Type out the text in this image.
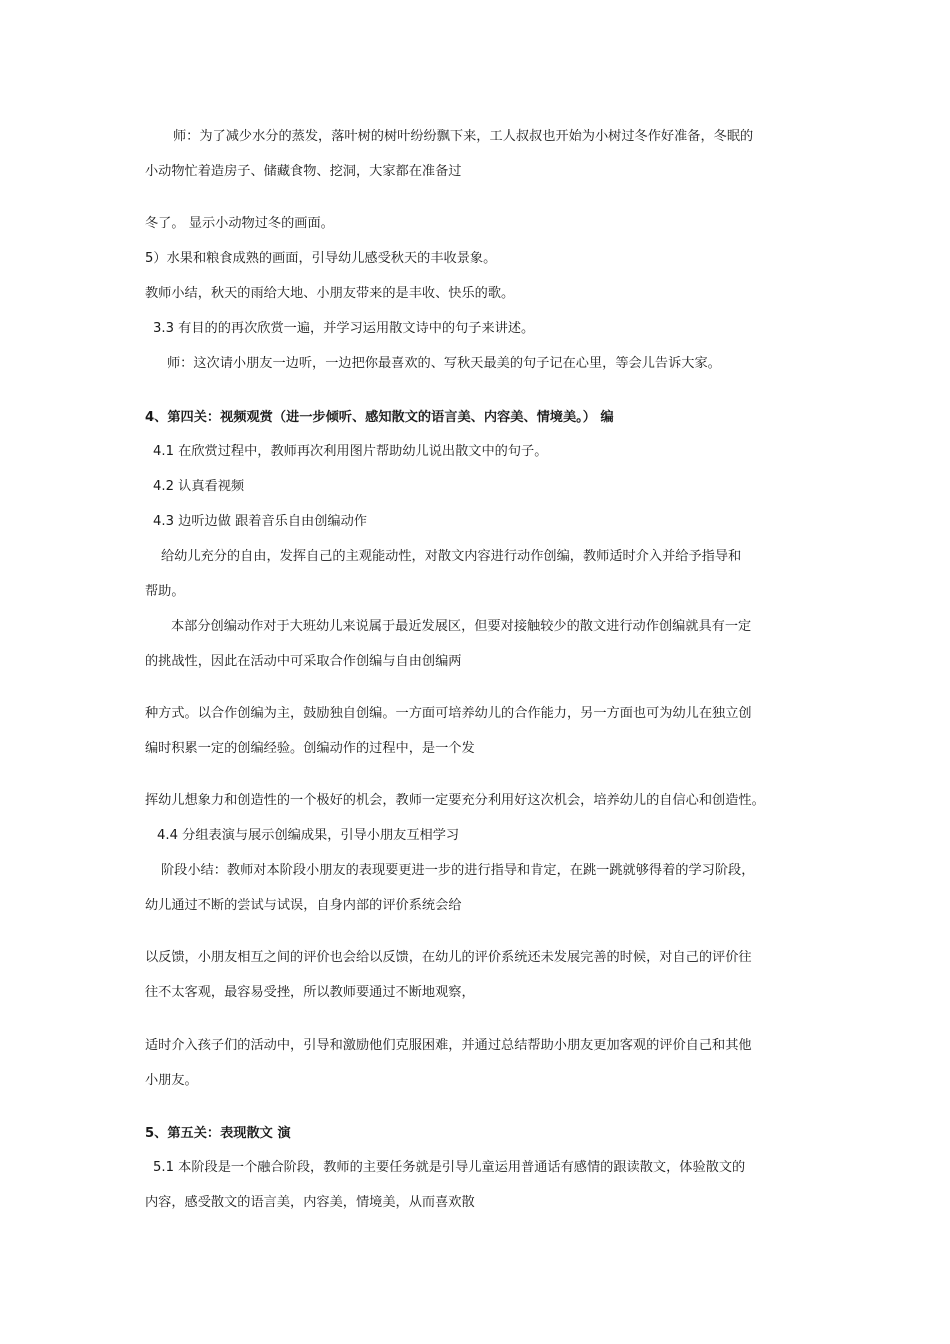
师：为了减少水分的蒸发，落叶树的树叶纷纷飘下来，工人叔叔也开始为小树过冬作好准备，冬眠的
小动物忙着造房子、储藏食物、挖洞，大家都在准备过
冬了。 显示小动物过冬的画面。
5）水果和粮食成熟的画面，引导幼儿感受秋天的丰收景象。
教师小结，秋天的雨给大地、小朋友带来的是丰收、快乐的歌。
3.3 有目的的再次欣赏一遍，并学习运用散文诗中的句子来讲述。
师：这次请小朋友一边听，一边把你最喜欢的、写秋天最美的句子记在心里，等会儿告诉大家。
4、第四关：视频观赏（进一步倾听、感知散文的语言美、内容美、情境美。） 编
4.1 在欣赏过程中，教师再次利用图片帮助幼儿说出散文中的句子。
4.2 认真看视频
4.3 边听边做 跟着音乐自由创编动作
给幼儿充分的自由，发挥自己的主观能动性，对散文内容进行动作创编，教师适时介入并给予指导和
帮助。
本部分创编动作对于大班幼儿来说属于最近发展区，但要对接触较少的散文进行动作创编就具有一定
的挑战性，因此在活动中可采取合作创编与自由创编两
种方式。以合作创编为主，鼓励独自创编。一方面可培养幼儿的合作能力，另一方面也可为幼儿在独立创
编时积累一定的创编经验。创编动作的过程中，是一个发
挥幼儿想象力和创造性的一个极好的机会，教师一定要充分利用好这次机会，培养幼儿的自信心和创造性。
4.4 分组表演与展示创编成果，引导小朋友互相学习
阶段小结：教师对本阶段小朋友的表现要更进一步的进行指导和肯定，在跳一跳就够得着的学习阶段，
幼儿通过不断的尝试与试误，自身内部的评价系统会给
以反馈，小朋友相互之间的评价也会给以反馈，在幼儿的评价系统还未发展完善的时候，对自己的评价往
往不太客观，最容易受挫，所以教师要通过不断地观察，
适时介入孩子们的活动中，引导和激励他们克服困难，并通过总结帮助小朋友更加客观的评价自己和其他
小朋友。
5、第五关：表现散文 演
5.1 本阶段是一个融合阶段，教师的主要任务就是引导儿童运用普通话有感情的跟读散文，体验散文的
内容，感受散文的语言美，内容美，情境美，从而喜欢散
